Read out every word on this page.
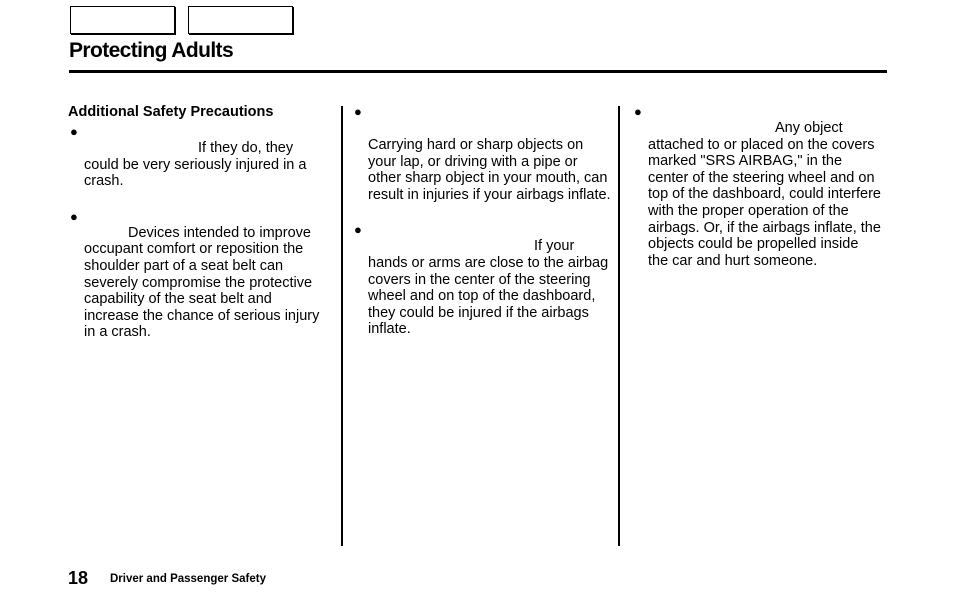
Protecting Adults
Additional Safety Precautions
●

If they do, they

could be very seriously injured in a crash.

●

Devices intended to improve

occupant comfort or reposition the shoulder part of a seat belt can severely compromise the protective capability of the seat belt and increase the chance of serious injury in a crash.

●

Carrying hard or sharp objects on your lap, or driving with a pipe or other sharp object in your mouth, can result in injuries if your airbags inflate.

●

If your

hands or arms are close to the airbag covers in the center of the steering wheel and on top of the dashboard, they could be injured if the airbags inflate.

●

Any object

attached to or placed on the covers marked "SRS AIRBAG," in the center of the steering wheel and on top of the dashboard, could interfere with the proper operation of the airbags. Or, if the airbags inflate, the objects could be propelled inside the car and hurt someone.

18 Driver and Passenger Safety
